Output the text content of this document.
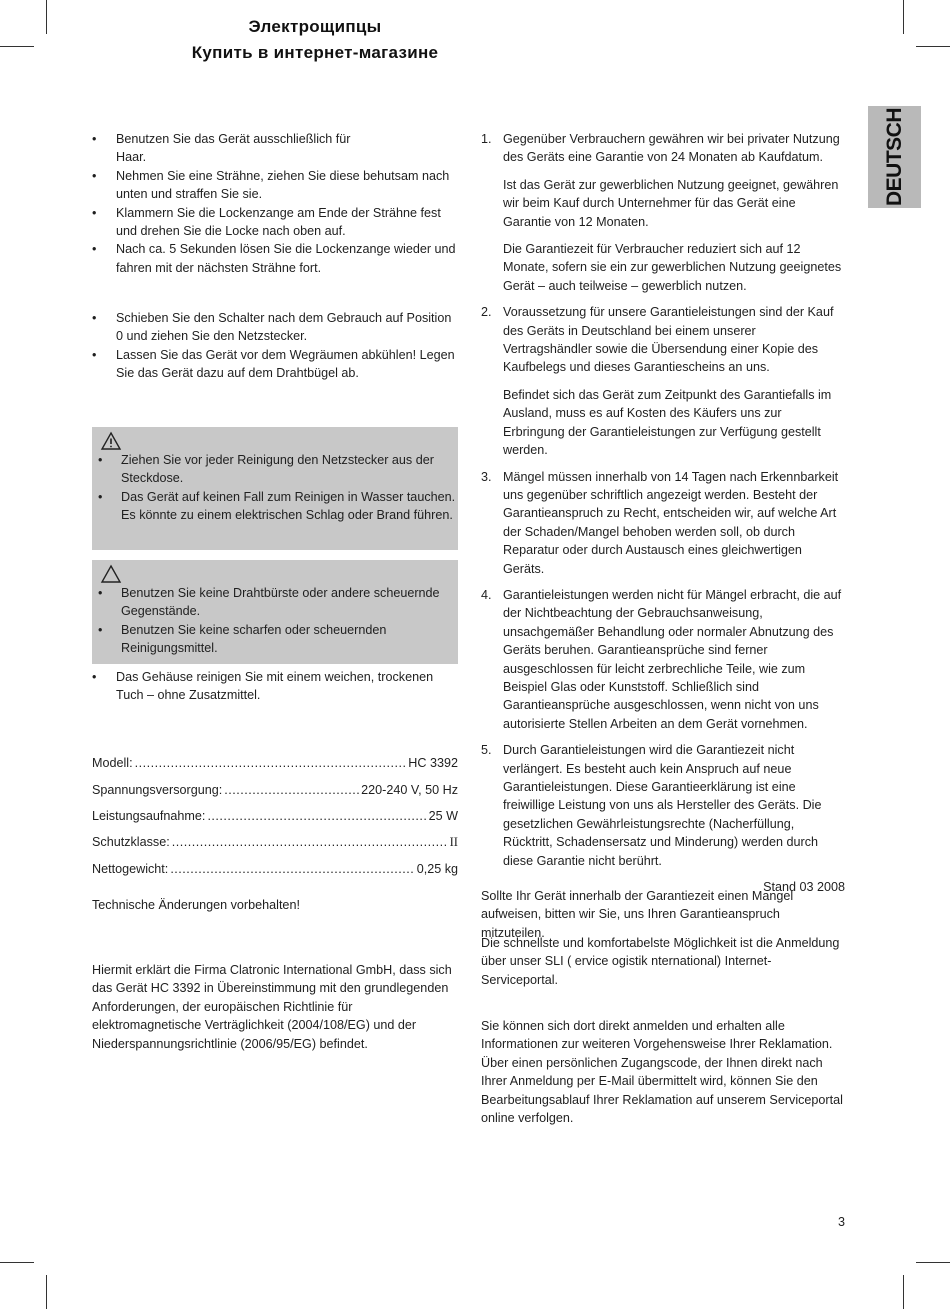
Электрощипцы
Купить в интернет-магазине
DEUTSCH
• Benutzen Sie das Gerät ausschließlich fürHaar.
• Nehmen Sie eine Strähne, ziehen Sie diese behutsam nach unten und straffen Sie sie.
• Klammern Sie die Lockenzange am Ende der Strähne fest und drehen Sie die Locke nach oben auf.
• Nach ca. 5 Sekunden lösen Sie die Lockenzange wieder und fahren mit der nächsten Strähne fort.
• Schieben Sie den Schalter nach dem Gebrauch auf Position 0 und ziehen Sie den Netzstecker.
• Lassen Sie das Gerät vor dem Wegräumen abkühlen! Legen Sie das Gerät dazu auf dem Drahtbügel ab.
• Ziehen Sie vor jeder Reinigung den Netzstecker aus der Steckdose.
• Das Gerät auf keinen Fall zum Reinigen in Wasser tauchen. Es könnte zu einem elektrischen Schlag oder Brand führen.
• Benutzen Sie keine Drahtbürste oder andere scheuernde Gegenstände.
• Benutzen Sie keine scharfen oder scheuernden Reinigungsmittel.
• Das Gehäuse reinigen Sie mit einem weichen, trockenen Tuch – ohne Zusatzmittel.
Modell: .....	HC 3392
Spannungsversorgung: .....	220-240 V, 50 Hz
Leistungsaufnahme: .....	25 W
Schutzklasse: .....	II
Nettogewicht: .....	0,25 kg

Technische Änderungen vorbehalten!

Hiermit erklärt die Firma Clatronic International GmbH, dass sich das Gerät HC 3392 in Übereinstimmung mit den grundlegenden Anforderungen, der europäischen Richtlinie für elektromagnetische Verträglichkeit (2004/108/EG) und der Niederspannungsrichtlinie (2006/95/EG) befindet.

1. Gegenüber Verbrauchern gewähren wir bei privater Nutzung des Geräts eine Garantie von 24 Monaten ab Kaufdatum.

Ist das Gerät zur gewerblichen Nutzung geeignet, gewähren wir beim Kauf durch Unternehmer für das Gerät eine Garantie von 12 Monaten.

Die Garantiezeit für Verbraucher reduziert sich auf 12 Monate, sofern sie ein zur gewerblichen Nutzung geeignetes Gerät – auch teilweise – gewerblich nutzen.

2. Voraussetzung für unsere Garantieleistungen sind der Kauf des Geräts in Deutschland bei einem unserer Vertragshändler sowie die Übersendung einer Kopie des Kaufbelegs und dieses Garantiescheins an uns.

Befindet sich das Gerät zum Zeitpunkt des Garantiefalls im Ausland, muss es auf Kosten des Käufers uns zur Erbringung der Garantieleistungen zur Verfügung gestellt werden.

3. Mängel müssen innerhalb von 14 Tagen nach Erkennbarkeit uns gegenüber schriftlich angezeigt werden. Besteht der Garantieanspruch zu Recht, entscheiden wir, auf welche Art der Schaden/Mangel behoben werden soll, ob durch Reparatur oder durch Austausch eines gleichwertigen Geräts.

4. Garantieleistungen werden nicht für Mängel erbracht, die auf der Nichtbeachtung der Gebrauchsanweisung, unsachgemäßer Behandlung oder normaler Abnutzung des Geräts beruhen. Garantieansprüche sind ferner ausgeschlossen für leicht zerbrechliche Teile, wie zum Beispiel Glas oder Kunststoff. Schließlich sind Garantieansprüche ausgeschlossen, wenn nicht von uns autorisierte Stellen Arbeiten an dem Gerät vornehmen.

5. Durch Garantieleistungen wird die Garantiezeit nicht verlängert. Es besteht auch kein Anspruch auf neue Garantieleistungen. Diese Garantieerklärung ist eine freiwillige Leistung von uns als Hersteller des Geräts. Die gesetzlichen Gewährleistungsrechte (Nacherfüllung, Rücktritt, Schadensersatz und Minderung) werden durch diese Garantie nicht berührt.

Stand 03 2008

Sollte Ihr Gerät innerhalb der Garantiezeit einen Mangel aufweisen, bitten wir Sie, uns Ihren Garantieanspruch mitzuteilen.

Die schnellste und komfortabelste Möglichkeit ist die Anmeldung über unser SLI ( ervice ogistik nternational) Internet-Serviceportal.

Sie können sich dort direkt anmelden und erhalten alle Informationen zur weiteren Vorgehensweise Ihrer Reklamation.

Über einen persönlichen Zugangscode, der Ihnen direkt nach Ihrer Anmeldung per E-Mail übermittelt wird, können Sie den Bearbeitungsablauf Ihrer Reklamation auf unserem Serviceportal online verfolgen.

3
